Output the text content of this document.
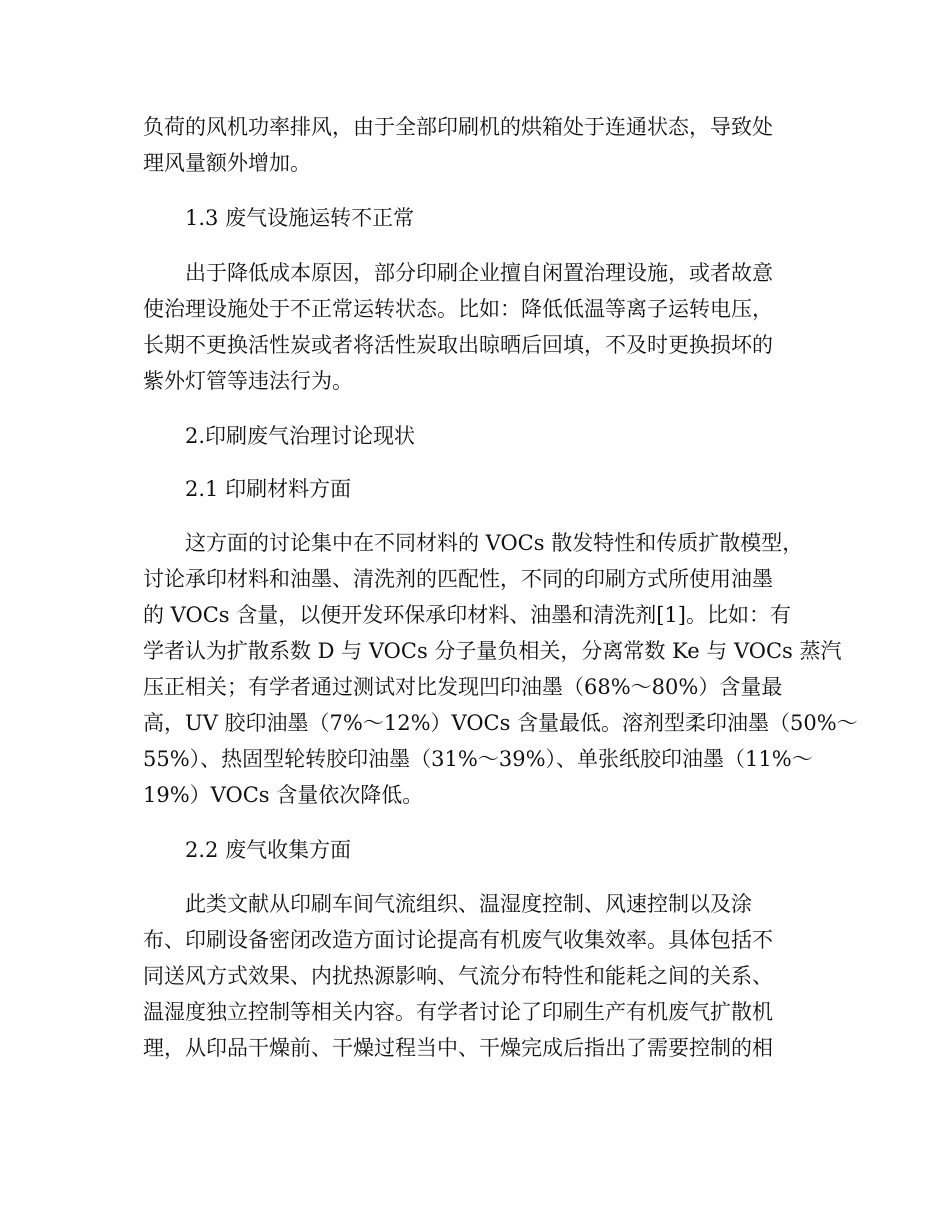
负荷的风机功率排风，由于全部印刷机的烘箱处于连通状态，导致处
理风量额外增加。
1.3 废气设施运转不正常
出于降低成本原因，部分印刷企业擅自闲置治理设施，或者故意
使治理设施处于不正常运转状态。比如：降低低温等离子运转电压，
长期不更换活性炭或者将活性炭取出晾晒后回填，不及时更换损坏的
紫外灯管等违法行为。
2.印刷废气治理讨论现状
2.1 印刷材料方面
这方面的讨论集中在不同材料的 VOCs 散发特性和传质扩散模型，
讨论承印材料和油墨、清洗剂的匹配性，不同的印刷方式所使用油墨
的 VOCs 含量，以便开发环保承印材料、油墨和清洗剂[1]。比如：有
学者认为扩散系数 D 与 VOCs 分子量负相关，分离常数 Ke 与 VOCs 蒸汽
压正相关；有学者通过测试对比发现凹印油墨（68%～80%）含量最
高，UV 胶印油墨（7%～12%）VOCs 含量最低。溶剂型柔印油墨（50%～
55%）、热固型轮转胶印油墨（31%～39%）、单张纸胶印油墨（11%～
19%）VOCs 含量依次降低。
2.2 废气收集方面
此类文献从印刷车间气流组织、温湿度控制、风速控制以及涂
布、印刷设备密闭改造方面讨论提高有机废气收集效率。具体包括不
同送风方式效果、内扰热源影响、气流分布特性和能耗之间的关系、
温湿度独立控制等相关内容。有学者讨论了印刷生产有机废气扩散机
理，从印品干燥前、干燥过程当中、干燥完成后指出了需要控制的相
